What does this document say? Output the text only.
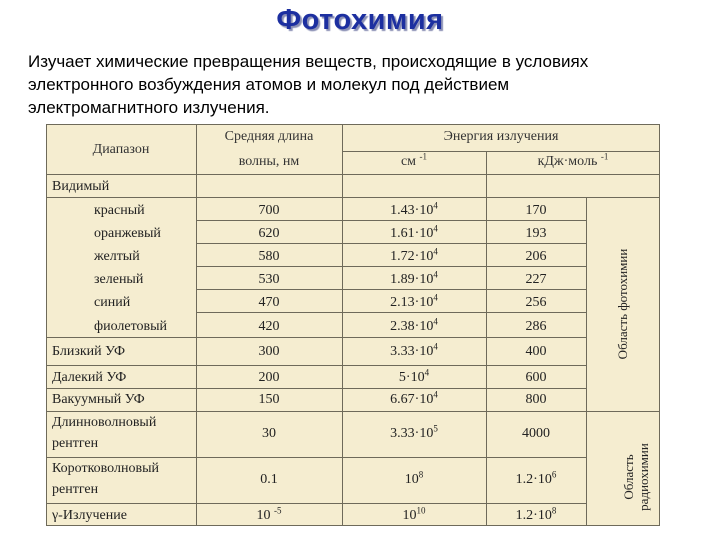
Фотохимия
Изучает химические превращения веществ, происходящие в условиях
электронного возбуждения атомов и молекул под действием
электромагнитного излучения.
Диапазон
Средняя длина
волны, нм
Энергия излучения
см $^{-1}$	кДж·моль $^{-1}$
Видимый
красный	700	$1.43\cdot 10^4$	170
оранжевый	620	$1.61\cdot 10^4$	193
желтый	580	$1.72\cdot 10^4$	206
зеленый	530	$1.89\cdot 10^4$	227
синий	470	$2.13\cdot 10^4$	256
фиолетовый	420	$2.38\cdot 10^4$	286
Близкий УФ	300	$3.33\cdot 10^4$	400
Далекий УФ	200	$5\cdot 10^4$	600
Вакуумный УФ	150	$6.67\cdot 10^4$	800
Длинноволновый
рентген
30	$3.33\cdot 10^5$	4000
Коротковолновый
рентген
0.1	$10^8$	$1.2\cdot 10^6$
γ-Излучение	10 $^{-5}$	$10^{10}$	$1.2\cdot 10^8$
Область фотохимии
Область радиохимии
